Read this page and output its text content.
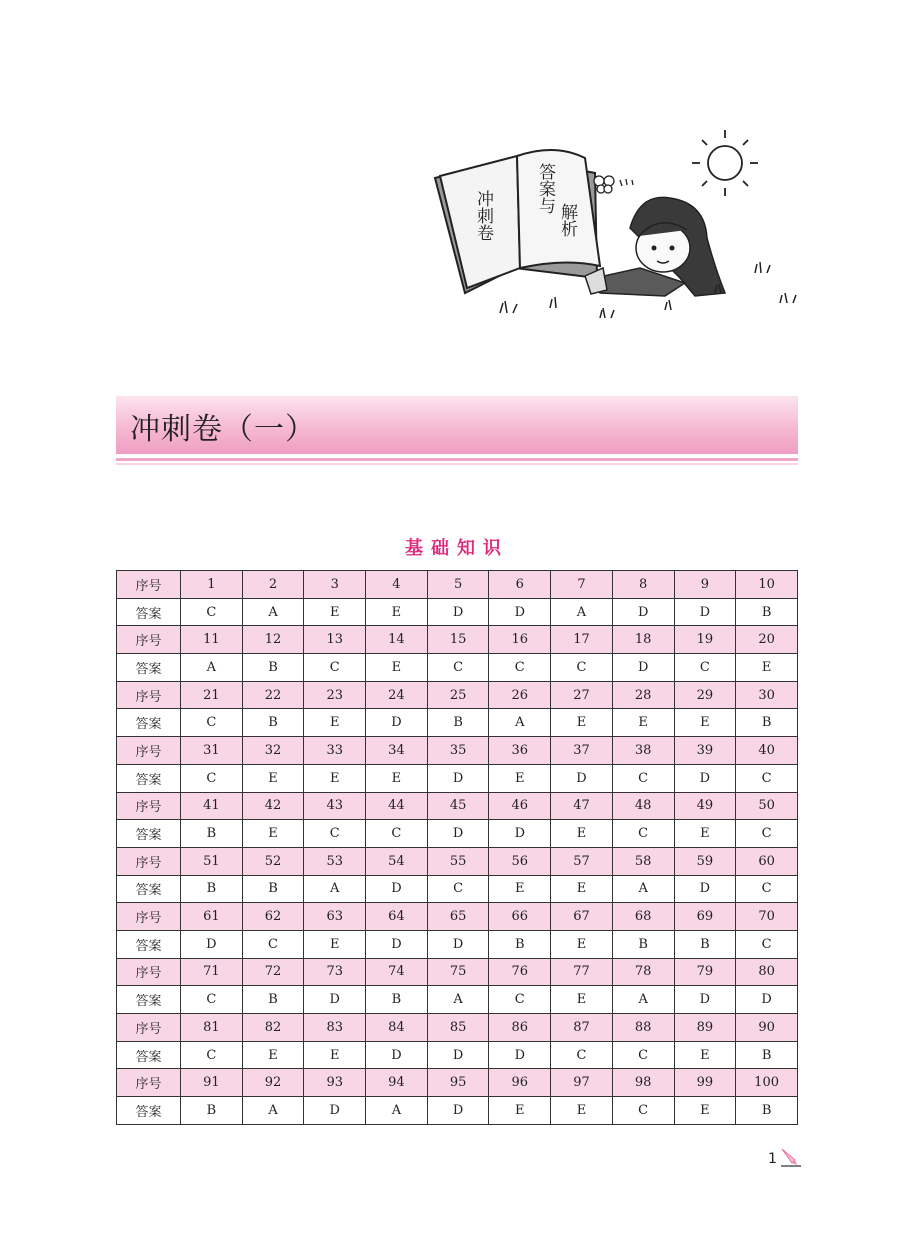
冲刺卷
答案与
解析
冲刺卷（一）
基础知识
序号	1	2	3	4	5	6	7	8	9	10
答案	C	A	E	E	D	D	A	D	D	B
序号	11	12	13	14	15	16	17	18	19	20
答案	A	B	C	E	C	C	C	D	C	E
序号	21	22	23	24	25	26	27	28	29	30
答案	C	B	E	D	B	A	E	E	E	B
序号	31	32	33	34	35	36	37	38	39	40
答案	C	E	E	E	D	E	D	C	D	C
序号	41	42	43	44	45	46	47	48	49	50
答案	B	E	C	C	D	D	E	C	E	C
序号	51	52	53	54	55	56	57	58	59	60
答案	B	B	A	D	C	E	E	A	D	C
序号	61	62	63	64	65	66	67	68	69	70
答案	D	C	E	D	D	B	E	B	B	C
序号	71	72	73	74	75	76	77	78	79	80
答案	C	B	D	B	A	C	E	A	D	D
序号	81	82	83	84	85	86	87	88	89	90
答案	C	E	E	D	D	D	C	C	E	B
序号	91	92	93	94	95	96	97	98	99	100
答案	B	A	D	A	D	E	E	C	E	B
1
